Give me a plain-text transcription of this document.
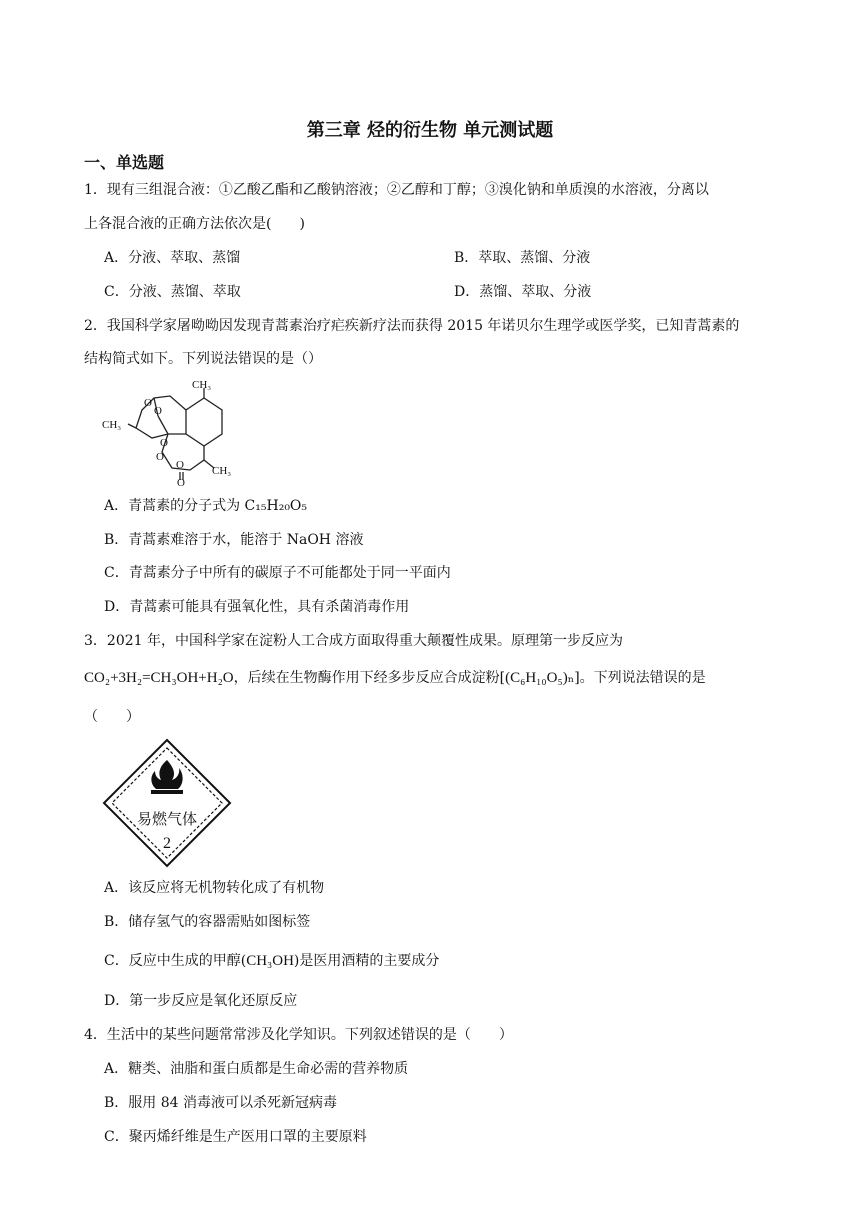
第三章 烃的衍生物 单元测试题
一、单选题
1．现有三组混合液：①乙酸乙酯和乙酸钠溶液；②乙醇和丁醇；③溴化钠和单质溴的水溶液，分离以
上各混合液的正确方法依次是(　　)
A．分液、萃取、蒸馏	B．萃取、蒸馏、分液
C．分液、蒸馏、萃取	D．蒸馏、萃取、分液
2．我国科学家屠呦呦因发现青蒿素治疗疟疾新疗法而获得 2015 年诺贝尔生理学或医学奖，已知青蒿素的
结构简式如下。下列说法错误的是（）
O
O
O
O
O
CH₃
CH₃
CH₃
O
A．青蒿素的分子式为 C₁₅H₂₀O₅
B．青蒿素难溶于水，能溶于 NaOH 溶液
C．青蒿素分子中所有的碳原子不可能都处于同一平面内
D．青蒿素可能具有强氧化性，具有杀菌消毒作用
3．2021 年，中国科学家在淀粉人工合成方面取得重大颠覆性成果。原理第一步反应为
CO₂+3H₂=CH₃OH+H₂O，后续在生物酶作用下经多步反应合成淀粉[(C₆H₁₀O₅)ₙ]。下列说法错误的是
（　　）
易燃气体
2
A．该反应将无机物转化成了有机物
B．储存氢气的容器需贴如图标签
C．反应中生成的甲醇(CH₃OH)是医用酒精的主要成分
D．第一步反应是氧化还原反应
4．生活中的某些问题常常涉及化学知识。下列叙述错误的是（　　）
A．糖类、油脂和蛋白质都是生命必需的营养物质
B．服用 84 消毒液可以杀死新冠病毒
C．聚丙烯纤维是生产医用口罩的主要原料
